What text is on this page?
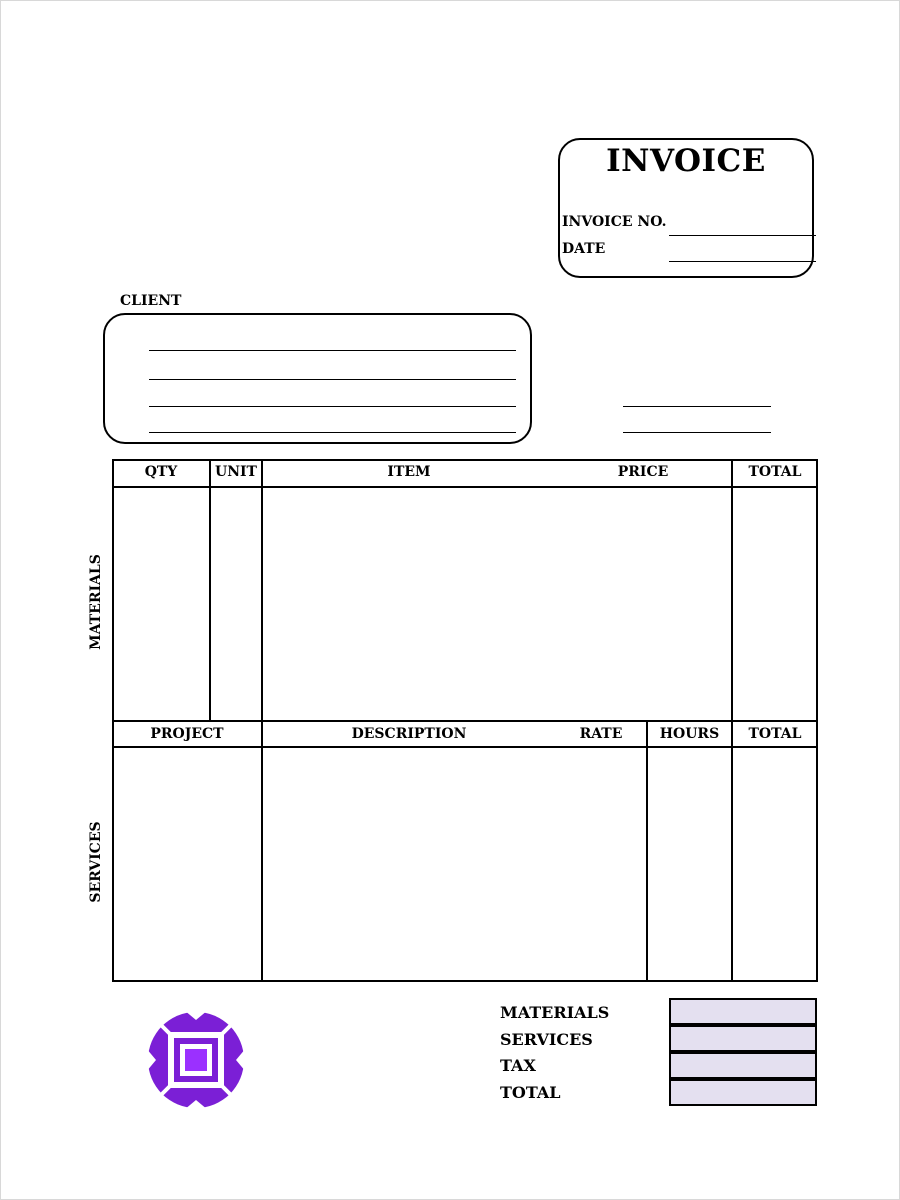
INVOICE
INVOICE NO.
DATE
CLIENT
QTY	UNIT	ITEM	PRICE	TOTAL
PROJECT	DESCRIPTION	RATE	HOURS	TOTAL
MATERIALS
SERVICES
MATERIALS
SERVICES
TAX
TOTAL
